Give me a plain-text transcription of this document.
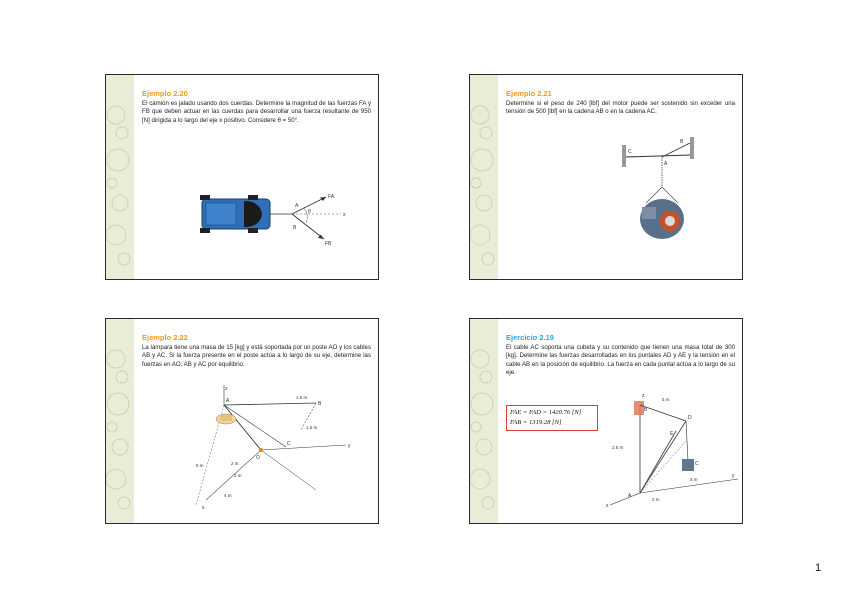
Ejemplo 2.20
El camión es jalado usando dos cuerdas. Determine la magnitud de las fuerzas FA y FB que deben actuar en las cuerdas para desarrollar una fuerza resultante de 950 [N] dirigida a lo largo del eje x positivo. Considere θ = 50°.
A
B
FA
FB
x
θ
Ejemplo 2.21
Determine si el peso de 240 [lbf] del motor puede ser sostenido sin exceder una tensión de 500 [lbf] en la cadena AB o en la cadena AC.
C
B
A
Ejemplo 2.22
La lámpara tiene una masa de 15 [kg] y está soportada por un poste AO y los cables AB y AC. Si la fuerza presente en el poste actúa a lo largo de su eje, determine las fuerzas en AO, AB y AC por equilibrio.
z
A	B
C
O
y
x
1.5 m
2 m
2 m
6 m
4 m
1.5 m
Ejercicio 2.19
El cable AC soporta una cubeta y su contenido que tienen una masa total de 300 [kg]. Determine las fuerzas desarrolladas en los puntales AD y AE y la tensión en el cable AB en la posición de equilibrio. La fuerza en cada puntal actúa a lo largo de su eje.
FAE = FAD = 1420.76 [N]
FAB = 1319.28 [N]
z
A
B
C
D
E
y
x
5 m
2.5 m
2 m
3 m
1
